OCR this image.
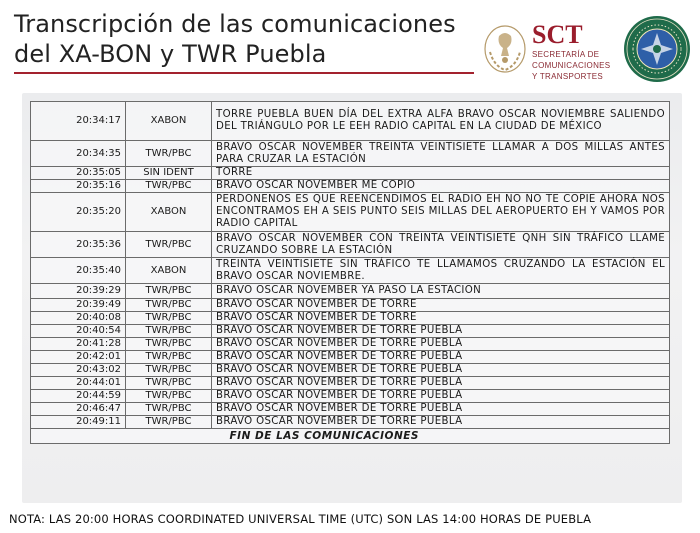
Transcripción de las comunicaciones
del XA-BON y TWR Puebla
SCT
SECRETARÍA DE
COMUNICACIONES
Y TRANSPORTES
20:34:17	XABON	TORRE PUEBLA BUEN DÍA DEL EXTRA ALFA BRAVO OSCAR NOVIEMBRE SALIENDO DEL TRIÁNGULO POR LE EEH RADIO CAPITAL EN LA CIUDAD DE MÉXICO
20:34:35	TWR/PBC	BRAVO OSCAR NOVEMBER TREINTA VEINTISIETE LLAMAR A DOS MILLAS ANTES PARA CRUZAR LA ESTACIÓN
20:35:05	SIN IDENT	TORRE
20:35:16	TWR/PBC	BRAVO OSCAR NOVEMBER ME COPIO
20:35:20	XABON	PERDONENOS ES QUE REENCENDIMOS EL RADIO EH NO NO TE COPIE AHORA NOS ENCONTRAMOS EH A SEIS PUNTO SEIS MILLAS DEL AEROPUERTO EH Y VAMOS POR RADIO CAPITAL
20:35:36	TWR/PBC	BRAVO OSCAR NOVEMBER CON TREINTA VEINTISIETE QNH SIN TRÁFICO LLAME CRUZANDO SOBRE LA ESTACIÓN
20:35:40	XABON	TREINTA VEINTISIETE SIN TRÁFICO TE LLAMAMOS CRUZANDO LA ESTACIÓN EL BRAVO OSCAR NOVIEMBRE.
20:39:29	TWR/PBC	BRAVO OSCAR NOVEMBER YA PASO LA ESTACION
20:39:49	TWR/PBC	BRAVO OSCAR NOVEMBER DE TORRE
20:40:08	TWR/PBC	BRAVO OSCAR NOVEMBER DE TORRE
20:40:54	TWR/PBC	BRAVO OSCAR NOVEMBER DE TORRE PUEBLA
20:41:28	TWR/PBC	BRAVO OSCAR NOVEMBER DE TORRE PUEBLA
20:42:01	TWR/PBC	BRAVO OSCAR NOVEMBER DE TORRE PUEBLA
20:43:02	TWR/PBC	BRAVO OSCAR NOVEMBER DE TORRE PUEBLA
20:44:01	TWR/PBC	BRAVO OSCAR NOVEMBER DE TORRE PUEBLA
20:44:59	TWR/PBC	BRAVO OSCAR NOVEMBER DE TORRE PUEBLA
20:46:47	TWR/PBC	BRAVO OSCAR NOVEMBER DE TORRE PUEBLA
20:49:11	TWR/PBC	BRAVO OSCAR NOVEMBER DE TORRE PUEBLA
		FIN DE LAS COMUNICACIONES
NOTA: LAS 20:00 HORAS COORDINATED UNIVERSAL TIME (UTC) SON LAS 14:00 HORAS DE PUEBLA
